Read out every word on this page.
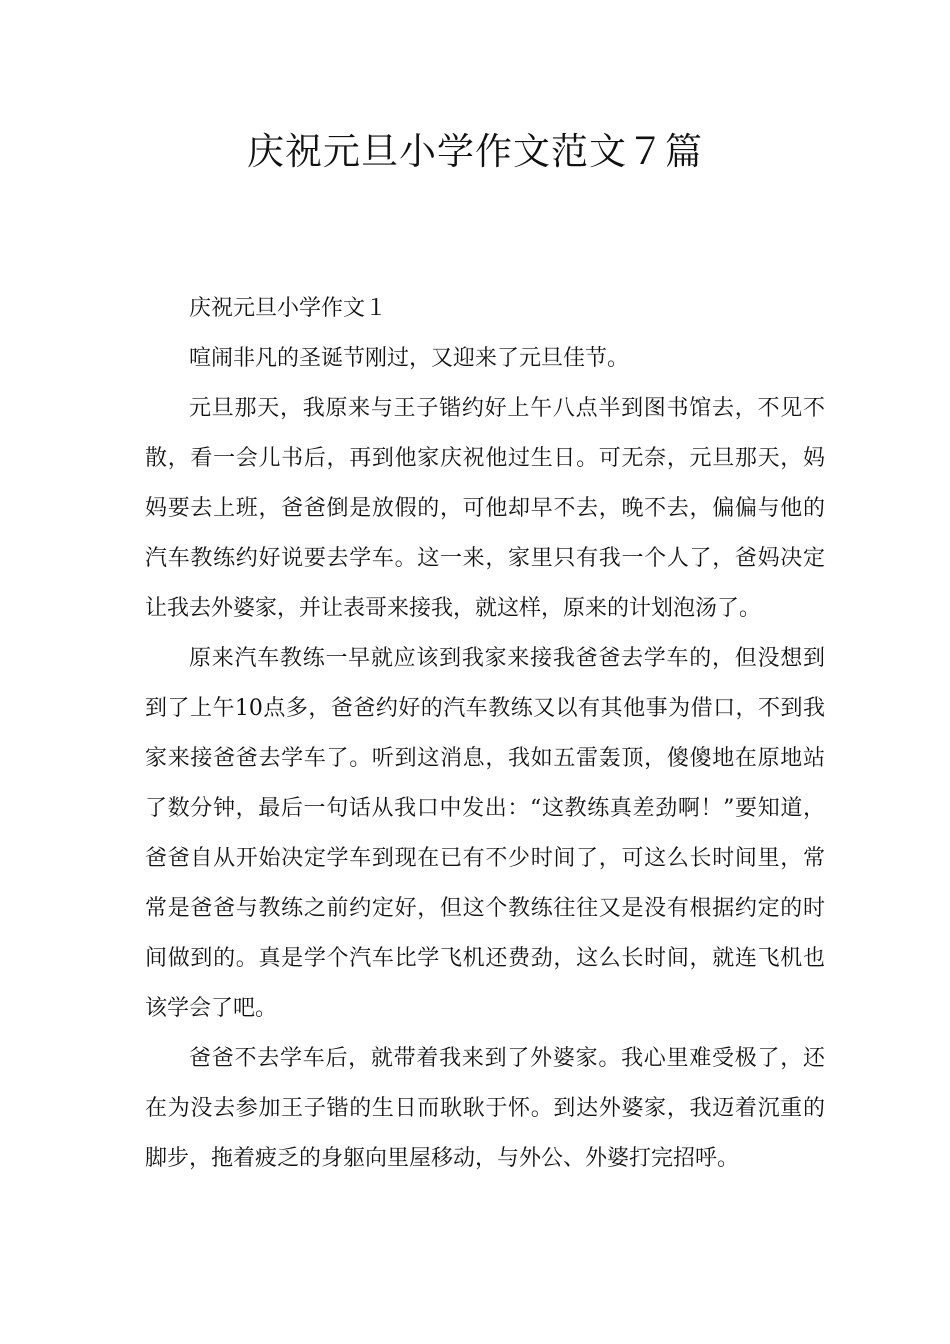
庆祝元旦小学作文范文７篇

庆祝元旦小学作文１

喧闹非凡的圣诞节刚过，又迎来了元旦佳节。

元旦那天，我原来与王子锴约好上午八点半到图书馆去，不见不散，看一会儿书后，再到他家庆祝他过生日。可无奈，元旦那天，妈妈要去上班，爸爸倒是放假的，可他却早不去，晚不去，偏偏与他的汽车教练约好说要去学车。这一来，家里只有我一个人了，爸妈决定让我去外婆家，并让表哥来接我，就这样，原来的计划泡汤了。

原来汽车教练一早就应该到我家来接我爸爸去学车的，但没想到到了上午10点多，爸爸约好的汽车教练又以有其他事为借口，不到我家来接爸爸去学车了。听到这消息，我如五雷轰顶，傻傻地在原地站了数分钟，最后一句话从我口中发出：“这教练真差劲啊！”要知道，爸爸自从开始决定学车到现在已有不少时间了，可这么长时间里，常常是爸爸与教练之前约定好，但这个教练往往又是没有根据约定的时间做到的。真是学个汽车比学飞机还费劲，这么长时间，就连飞机也该学会了吧。

爸爸不去学车后，就带着我来到了外婆家。我心里难受极了，还在为没去参加王子锴的生日而耿耿于怀。到达外婆家，我迈着沉重的脚步，拖着疲乏的身躯向里屋移动，与外公、外婆打完招呼。
